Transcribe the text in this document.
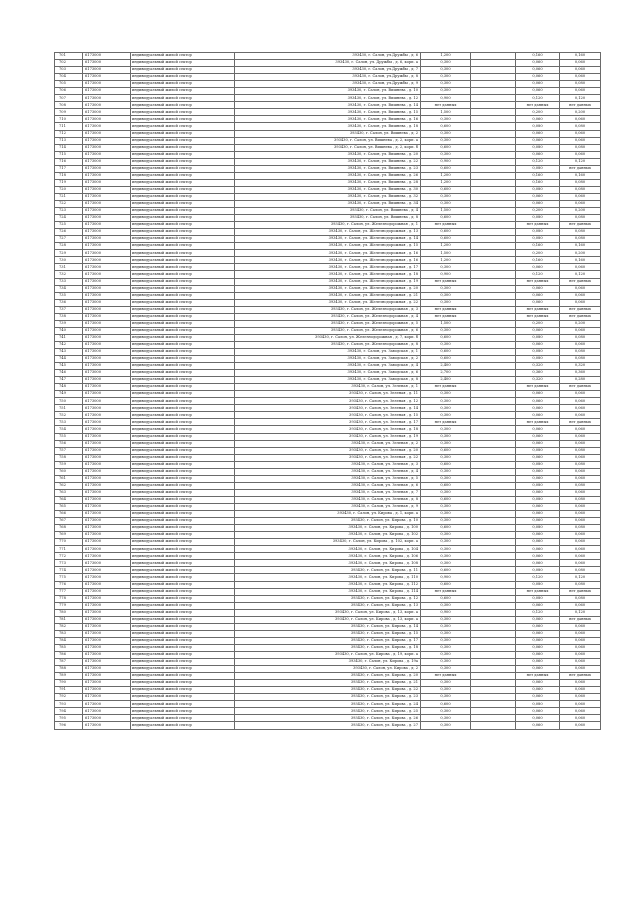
701	6173000	индивидуальный жилой сектор	393430, г. Салон, ул.Дружбы , д. 6	1,200		0,160	0,160
702	6173000	индивидуальный жилой сектор	393430, г. Салон, ул. Дружбы , д. 6, корп. а	0,300		0,060	0,060
703	6173000	индивидуальный жилой сектор	393430, г. Салон, ул.Дружбы , д. 7	0,300		0,060	0,060
704	6173000	индивидуальный жилой сектор	393430, г. Салон, ул.Дружбы , д. 8	0,300		0,060	0,060
705	6173000	индивидуальный жилой сектор	393430, г. Салон, ул.Дружбы , д. 9	0,300		0,060	0,080
706	6173000	индивидуальный жилой сектор	393430, г. Салон, ул. Вишнева , д. 10	0,300		0,060	0,060
707	6173000	индивидуальный жилой сектор	393430, г. Салон, ул. Вишнева , д. 12	0,900		0,120	0,120
708	6173000	индивидуальный жилой сектор	393430, г. Салон, ул. Вишнева , д. 14	нет данных		нет данных	нет данных
709	6173000	индивидуальный жилой сектор	393430, г. Салон, ул. Вишнева , д. 15	1,500		0,200	0,200
710	6173000	индивидуальный жилой сектор	393430, г. Салон, ул. Вишнева , д. 16	0,300		0,060	0,060
711	6173000	индивидуальный жилой сектор	393430, г. Салон, ул. Вишнева , д. 18	0,600		0,080	0,080
712	6173000	индивидуальный жилой сектор	393430, г. Салон, ул. Вишнева , д. 2	0,300		0,060	0,060
713	6173000	индивидуальный жилой сектор	393430, г. Салон, ул. Вишнева , д. 2, корп. а	0,300		0,060	0,060
714	6173000	индивидуальный жилой сектор	393430, г. Салон, ул. Вишнева , д. 2, корп. б	0,600		0,080	0,080
715	6173000	индивидуальный жилой сектор	393430, г. Салон, ул. Вишнева , д. 20	0,300		0,060	0,060
716	6173000	индивидуальный жилой сектор	393430, г. Салон, ул. Вишнева , д. 22	0,900		0,120	0,120
717	6173000	индивидуальный жилой сектор	393430, г. Салон, ул. Вишнева , д. 23	0,600		0,080	нет данных
718	6173000	индивидуальный жилой сектор	393430, г. Салон, ул. Вишнева , д. 26	1,200		0,160	0,160
719	6173000	индивидуальный жилой сектор	393430, г. Салон, ул. Вишнева , д. 28	1,200		0,160	0,080
720	6173000	индивидуальный жилой сектор	393430, г. Салон, ул. Вишнева , д. 30	0,600		0,080	0,080
721	6173000	индивидуальный жилой сектор	393430, г. Салон, ул. Вишнева , д. 32	0,300		0,060	0,060
722	6173000	индивидуальный жилой сектор	393430, г. Салон, ул. Вишнева , д. 34	0,300		0,060	0,060
723	6173000	индивидуальный жилой сектор	393430, г. Салон, ул. Вишнева , д. 4	1,500		0,200	0,200
724	6173000	индивидуальный жилой сектор	393430, г. Салон, ул. Вишнева , д. 8	0,600		0,080	0,080
725	6173000	индивидуальный жилой сектор	393430, г. Салон, ул. Железнодорожная , д. 1	нет данных		нет данных	нет данных
726	6173000	индивидуальный жилой сектор	393430, г. Салон, ул. Железнодорожная , д. 13	0,600		0,080	0,080
727	6173000	индивидуальный жилой сектор	393430, г. Салон, ул. Железнодорожная , д. 14	0,600		0,080	0,080
728	6173000	индивидуальный жилой сектор	393430, г. Салон, ул. Железнодорожная , д. 15	1,200		0,160	0,160
729	6173000	индивидуальный жилой сектор	393430, г. Салон, ул. Железнодорожная , д. 16	1,500		0,200	0,200
730	6173000	индивидуальный жилой сектор	393430, г. Салон, ул. Железнодорожная , д. 16	1,200		0,160	0,160
731	6173000	индивидуальный жилой сектор	393430, г. Салон, ул. Железнодорожная , д. 17	0,300		0,060	0,060
732	6173000	индивидуальный жилой сектор	393430, г. Салон, ул. Железнодорожная , д. 18	0,900		0,120	0,120
733	6173000	индивидуальный жилой сектор	393430, г. Салон, ул. Железнодорожная , д. 19	нет данных		нет данных	нет данных
734	6173000	индивидуальный жилой сектор	393430, г. Салон, ул. Железнодорожная , д. 20	0,300		0,060	0,060
735	6173000	индивидуальный жилой сектор	393430, г. Салон, ул. Железнодорожная , д. 21	0,300		0,060	0,060
736	6173000	индивидуальный жилой сектор	393430, г. Салон, ул. Железнодорожная , д. 22	0,300		0,060	0,060
737	6173000	индивидуальный жилой сектор	393430, г. Салон, ул. Железнодорожная , д. 3	нет данных		нет данных	нет данных
738	6173000	индивидуальный жилой сектор	393430, г. Салон, ул. Железнодорожная , д. 4	нет данных		нет данных	нет данных
739	6173000	индивидуальный жилой сектор	393430, г. Салон, ул. Железнодорожная , д. 5	1,500		0,200	0,200
740	6173000	индивидуальный жилой сектор	393430, г. Салон, ул. Железнодорожная , д. 6	0,300		0,060	0,060
741	6173000	индивидуальный жилой сектор	393430, г. Салон, ул. Железнодорожная , д. 7, корп. б	0,600		0,080	0,080
742	6173000	индивидуальный жилой сектор	393430, г. Салон, ул. Железнодорожная , д. 8	0,300		0,060	0,060
743	6173000	индивидуальный жилой сектор	393430, г. Салон, ул. Заводская , д. 1	0,600		0,080	0,080
744	6173000	индивидуальный жилой сектор	393430, г. Салон, ул. Заводская , д. 2	0,600		0,080	0,080
745	6173000	индивидуальный жилой сектор	393430, г. Салон, ул. Заводская , д. 4	2,400		0,320	0,320
746	6173000	индивидуальный жилой сектор	393430, г. Салон, ул. Заводская , д. 6	2,700		0,360	0,360
747	6173000	индивидуальный жилой сектор	393430, г. Салон, ул. Заводская , д. 8	2,400		0,320	0,280
748	6173000	индивидуальный жилой сектор	393430, г. Салон, ул. Зеленая , д. 1	нет данных		нет данных	нет данных
749	6173000	индивидуальный жилой сектор	393430, г. Салон, ул. Зеленая , д. 11	0,300		0,060	0,060
750	6173000	индивидуальный жилой сектор	393430, г. Салон, ул. Зеленая , д. 12	0,300		0,060	0,060
751	6173000	индивидуальный жилой сектор	393430, г. Салон, ул. Зеленая , д. 14	0,300		0,060	0,060
752	6173000	индивидуальный жилой сектор	393430, г. Салон, ул. Зеленая , д. 15	0,300		0,060	0,060
753	6173000	индивидуальный жилой сектор	393430, г. Салон, ул. Зеленая , д. 17	нет данных		нет данных	нет данных
754	6173000	индивидуальный жилой сектор	393430, г. Салон, ул. Зеленая , д. 18	0,300		0,060	0,060
755	6173000	индивидуальный жилой сектор	393430, г. Салон, ул. Зеленая , д. 19	0,300		0,060	0,060
756	6173000	индивидуальный жилой сектор	393430, г. Салон, ул. Зеленая , д. 2	0,300		0,060	0,060
757	6173000	индивидуальный жилой сектор	393430, г. Салон, ул. Зеленая , д. 20	0,600		0,080	0,080
758	6173000	индивидуальный жилой сектор	393430, г. Салон, ул. Зеленая , д. 22	0,300		0,060	0,060
759	6173000	индивидуальный жилой сектор	393430, г. Салон, ул. Зеленая , д. 3	0,600		0,080	0,080
760	6173000	индивидуальный жилой сектор	393430, г. Салон, ул. Зеленая , д. 4	0,300		0,060	0,060
761	6173000	индивидуальный жилой сектор	393430, г. Салон, ул. Зеленая , д. 5	0,300		0,060	0,060
762	6173000	индивидуальный жилой сектор	393430, г. Салон, ул. Зеленая , д. 6	0,600		0,080	0,080
763	6173000	индивидуальный жилой сектор	393430, г. Салон, ул. Зеленая , д. 7	0,300		0,060	0,060
764	6173000	индивидуальный жилой сектор	393430, г. Салон, ул. Зеленая , д. 8	0,600		0,080	0,080
765	6173000	индивидуальный жилой сектор	393430, г. Салон, ул. Зеленая , д. 9	0,300		0,060	0,060
766	6173000	индивидуальный жилой сектор	393430, г. Салон, ул. Кирова , д. 1, корп. а	0,300		0,060	0,060
767	6173000	индивидуальный жилой сектор	393430, г. Салон, ул. Кирова , д. 10	0,300		0,060	0,060
768	6173000	индивидуальный жилой сектор	393430, г. Салон, ул. Кирова , д. 100	0,600		0,080	0,080
769	6173000	индивидуальный жилой сектор	393430, г. Салон, ул. Кирова , д. 102	0,300		0,060	0,060
770	6173000	индивидуальный жилой сектор	393430, г. Салон, ул. Кирова , д. 102, корп. а	0,300		0,060	0,060
771	6173000	индивидуальный жилой сектор	393430, г. Салон, ул. Кирова , д. 104	0,300		0,060	0,060
772	6173000	индивидуальный жилой сектор	393430, г. Салон, ул. Кирова , д. 106	0,300		0,060	0,060
773	6173000	индивидуальный жилой сектор	393430, г. Салон, ул. Кирова , д. 108	0,300		0,060	0,060
774	6173000	индивидуальный жилой сектор	393430, г. Салон, ул. Кирова , д. 11	0,600		0,080	0,080
775	6173000	индивидуальный жилой сектор	393430, г. Салон, ул. Кирова , д. 110	0,900		0,120	0,120
776	6173000	индивидуальный жилой сектор	393430, г. Салон, ул. Кирова , д. 112	0,600		0,080	0,080
777	6173000	индивидуальный жилой сектор	393430, г. Салон, ул. Кирова , д. 114	нет данных		нет данных	нет данных
778	6173000	индивидуальный жилой сектор	393430, г. Салон, ул. Кирова , д. 12	0,600		0,080	0,080
779	6173000	индивидуальный жилой сектор	393430, г. Салон, ул. Кирова , д. 13	0,300		0,060	0,060
780	6173000	индивидуальный жилой сектор	393430, г. Салон, ул. Кирова , д. 13, корп. а	0,900		0,120	0,120
781	6173000	индивидуальный жилой сектор	393430, г. Салон, ул. Кирова , д. 13, корп. а	0,300		0,060	нет данных
782	6173000	индивидуальный жилой сектор	393430, г. Салон, ул. Кирова , д. 14	0,300		0,060	0,060
783	6173000	индивидуальный жилой сектор	393430, г. Салон, ул. Кирова , д. 15	0,300		0,060	0,060
784	6173000	индивидуальный жилой сектор	393430, г. Салон, ул. Кирова , д. 17	0,300		0,060	0,060
785	6173000	индивидуальный жилой сектор	393430, г. Салон, ул. Кирова , д. 18	0,300		0,060	0,060
786	6173000	индивидуальный жилой сектор	393430, г. Салон, ул. Кирова , д. 19, корп. а	0,300		0,060	0,060
787	6173000	индивидуальный жилой сектор	393430, г. Салон, ул. Кирова , д. 19а	0,300		0,060	0,060
788	6173000	индивидуальный жилой сектор	393430, г. Салон, ул. Кирова , д. 2	0,300		0,060	0,060
789	6173000	индивидуальный жилой сектор	393430, г. Салон, ул. Кирова , д. 20	нет данных		нет данных	нет данных
790	6173000	индивидуальный жилой сектор	393430, г. Салон, ул. Кирова , д. 21	0,300		0,060	0,060
791	6173000	индивидуальный жилой сектор	393430, г. Салон, ул. Кирова , д. 22	0,300		0,060	0,060
792	6173000	индивидуальный жилой сектор	393430, г. Салон, ул. Кирова , д. 23	0,300		0,060	0,060
793	6173000	индивидуальный жилой сектор	393430, г. Салон, ул. Кирова , д. 24	0,600		0,080	0,060
794	6173000	индивидуальный жилой сектор	393430, г. Салон, ул. Кирова , д. 25	0,300		0,060	0,060
795	6173000	индивидуальный жилой сектор	393430, г. Салон, ул. Кирова , д. 26	0,300		0,060	0,060
796	6173000	индивидуальный жилой сектор	393430, г. Салон, ул. Кирова , д. 27	0,300		0,060	0,060
